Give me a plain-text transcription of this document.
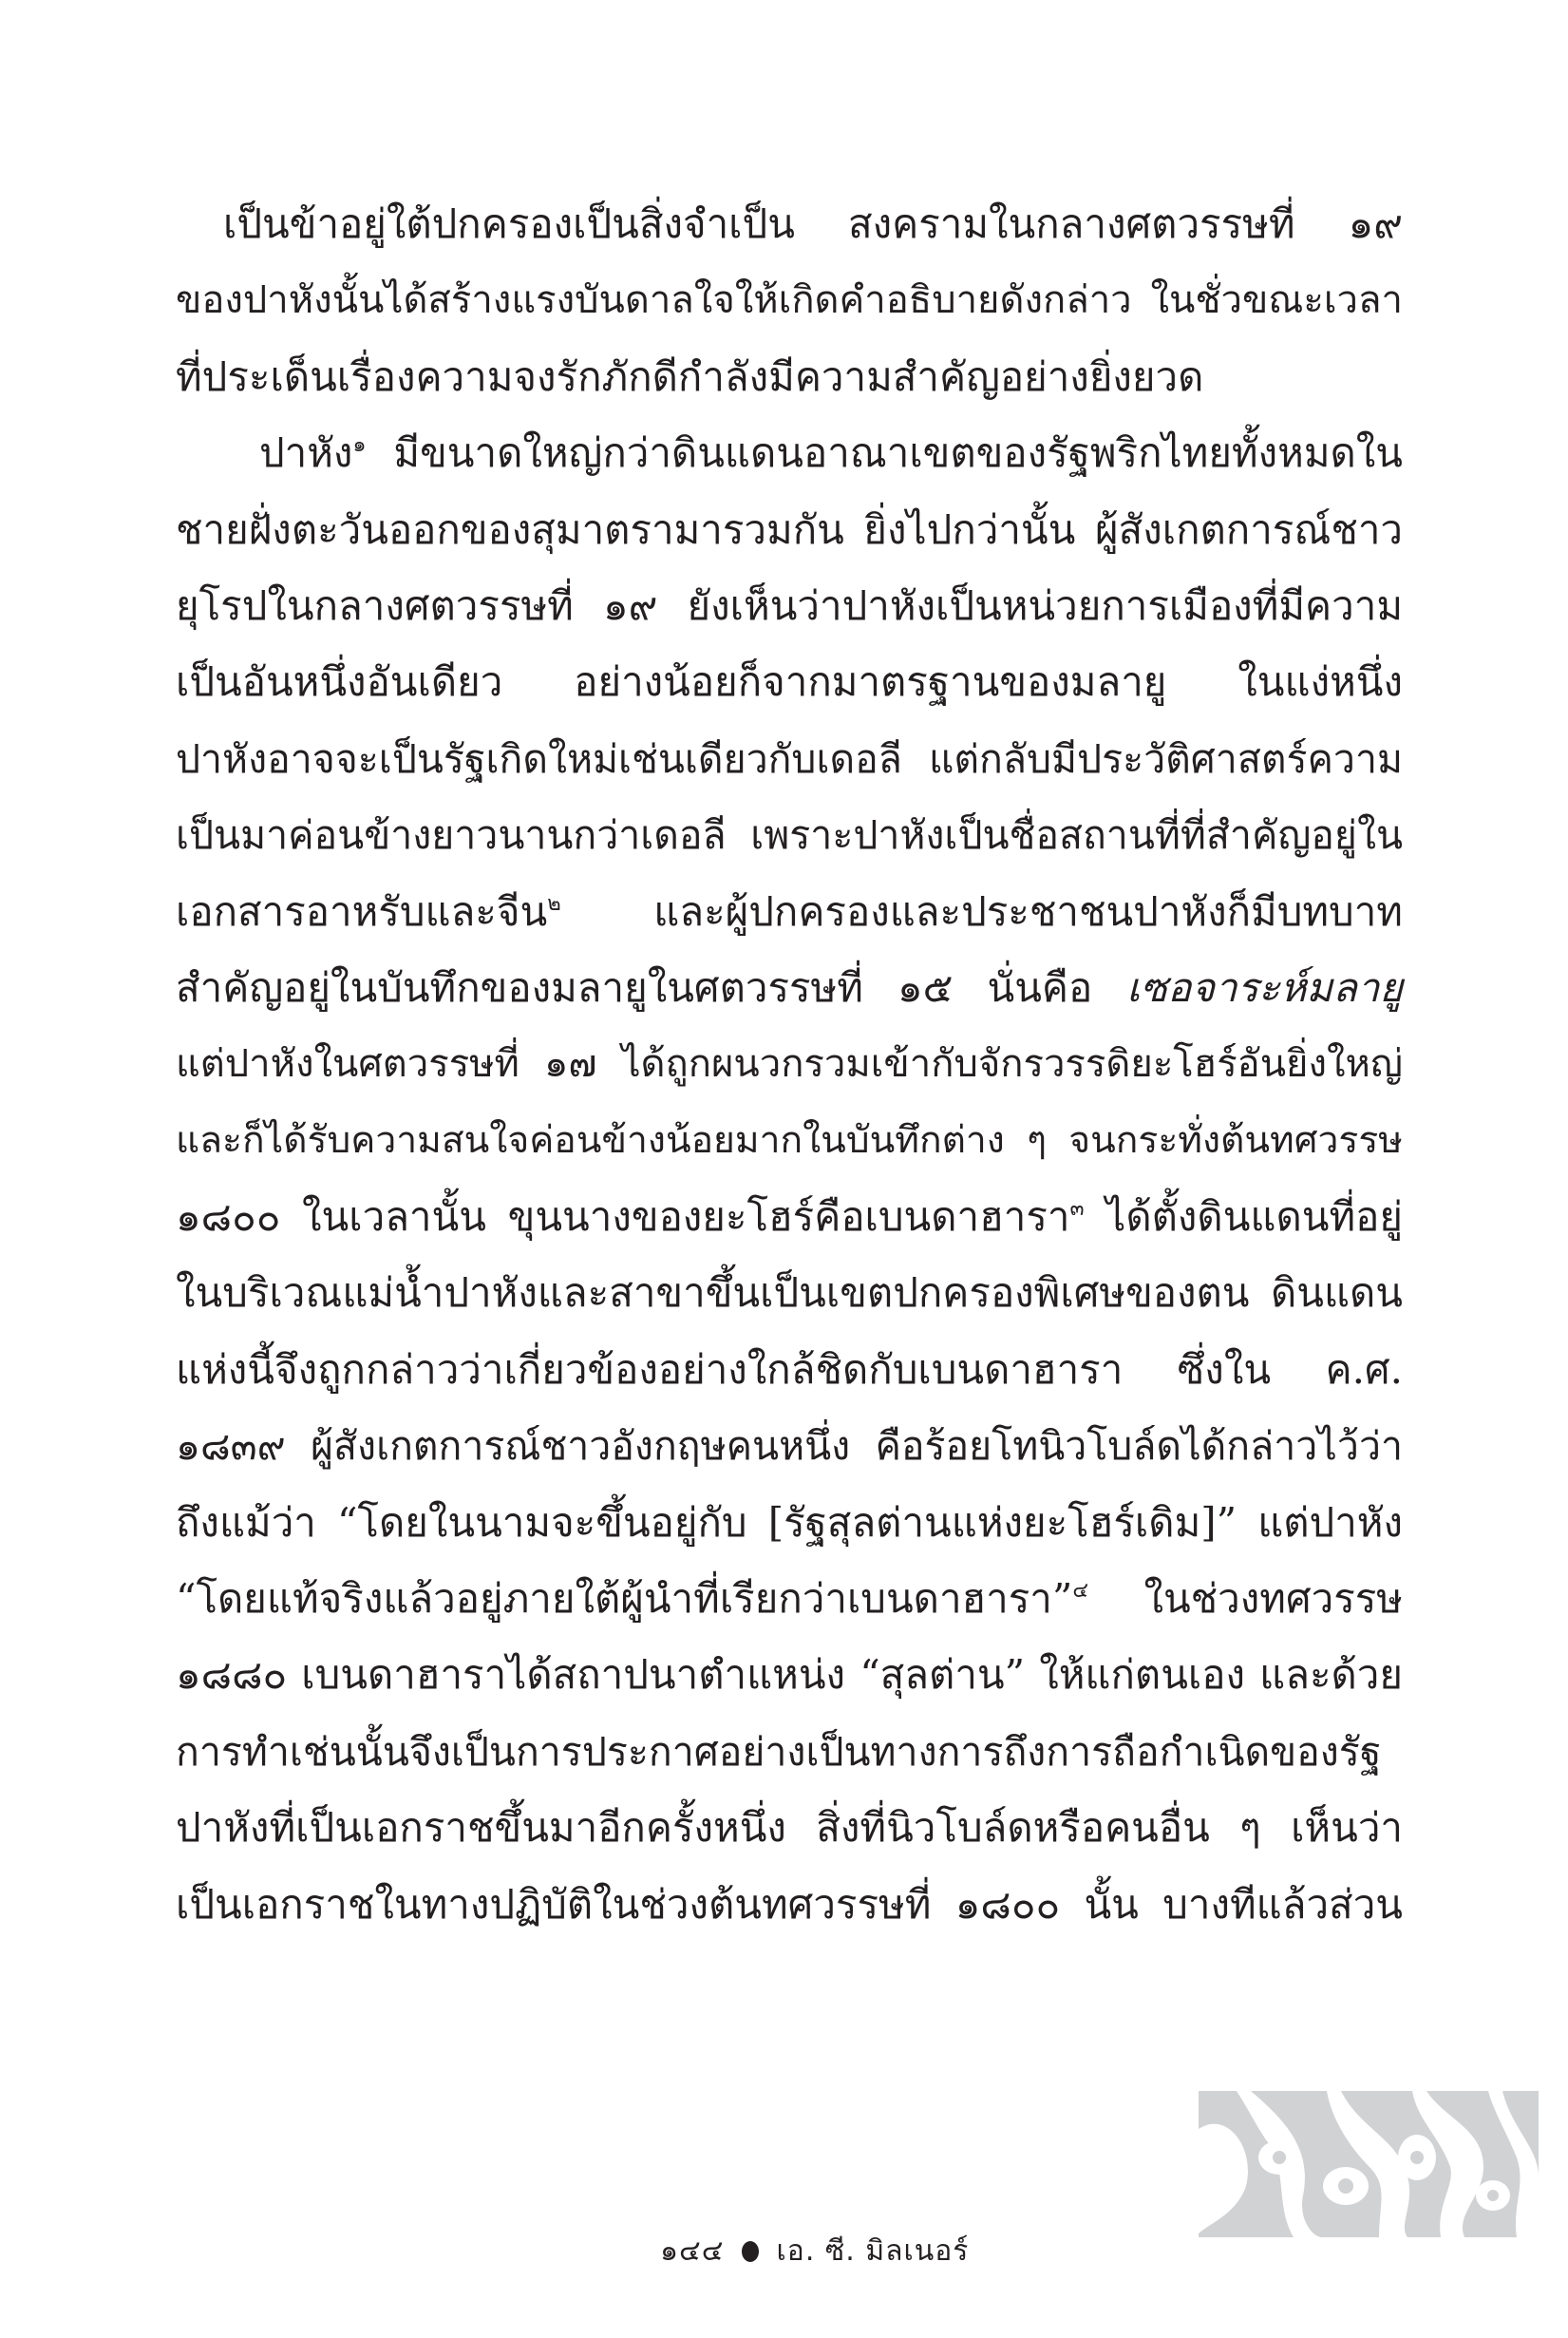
เป็นข้าอยู่ใต้ปกครองเป็นสิ่งจำเป็น สงครามในกลางศตวรรษที่ ๑๙
ของปาหังนั้นได้สร้างแรงบันดาลใจให้เกิดคำอธิบายดังกล่าว ในชั่วขณะเวลา
ที่ประเด็นเรื่องความจงรักภักดีกำลังมีความสำคัญอย่างยิ่งยวด
ปาหัง$^๑$ มีขนาดใหญ่กว่าดินแดนอาณาเขตของรัฐพริกไทยทั้งหมดใน
ชายฝั่งตะวันออกของสุมาตรามารวมกัน ยิ่งไปกว่านั้น ผู้สังเกตการณ์ชาว
ยุโรปในกลางศตวรรษที่ ๑๙ ยังเห็นว่าปาหังเป็นหน่วยการเมืองที่มีความ
เป็นอันหนึ่งอันเดียว อย่างน้อยก็จากมาตรฐานของมลายู ในแง่หนึ่ง
ปาหังอาจจะเป็นรัฐเกิดใหม่เช่นเดียวกับเดอลี แต่กลับมีประวัติศาสตร์ความ
เป็นมาค่อนข้างยาวนานกว่าเดอลี เพราะปาหังเป็นชื่อสถานที่ที่สำคัญอยู่ใน
เอกสารอาหรับและจีน$^๒$ และผู้ปกครองและประชาชนปาหังก็มีบทบาท
สำคัญอยู่ในบันทึกของมลายูในศตวรรษที่ ๑๕ นั่นคือ เซอจาระห์มลายู
แต่ปาหังในศตวรรษที่ ๑๗ ได้ถูกผนวกรวมเข้ากับจักรวรรดิยะโฮร์อันยิ่งใหญ่
และก็ได้รับความสนใจค่อนข้างน้อยมากในบันทึกต่าง ๆ จนกระทั่งต้นทศวรรษ
๑๘๐๐ ในเวลานั้น ขุนนางของยะโฮร์คือเบนดาฮารา$^๓$ ได้ตั้งดินแดนที่อยู่
ในบริเวณแม่น้ำปาหังและสาขาขึ้นเป็นเขตปกครองพิเศษของตน ดินแดน
แห่งนี้จึงถูกกล่าวว่าเกี่ยวข้องอย่างใกล้ชิดกับเบนดาฮารา ซึ่งใน ค.ศ.
๑๘๓๙ ผู้สังเกตการณ์ชาวอังกฤษคนหนึ่ง คือร้อยโทนิวโบล์ดได้กล่าวไว้ว่า
ถึงแม้ว่า “โดยในนามจะขึ้นอยู่กับ [รัฐสุลต่านแห่งยะโฮร์เดิม]” แต่ปาหัง
“โดยแท้จริงแล้วอยู่ภายใต้ผู้นำที่เรียกว่าเบนดาฮารา”$^๔$ ในช่วงทศวรรษ
๑๘๘๐ เบนดาฮาราได้สถาปนาตำแหน่ง “สุลต่าน” ให้แก่ตนเอง และด้วย
การทำเช่นนั้นจึงเป็นการประกาศอย่างเป็นทางการถึงการถือกำเนิดของรัฐ
ปาหังที่เป็นเอกราชขึ้นมาอีกครั้งหนึ่ง สิ่งที่นิวโบล์ดหรือคนอื่น ๆ เห็นว่า
เป็นเอกราชในทางปฏิบัติในช่วงต้นทศวรรษที่ ๑๘๐๐ นั้น บางทีแล้วส่วน
๑๔๔ เอ. ซี. มิลเนอร์
